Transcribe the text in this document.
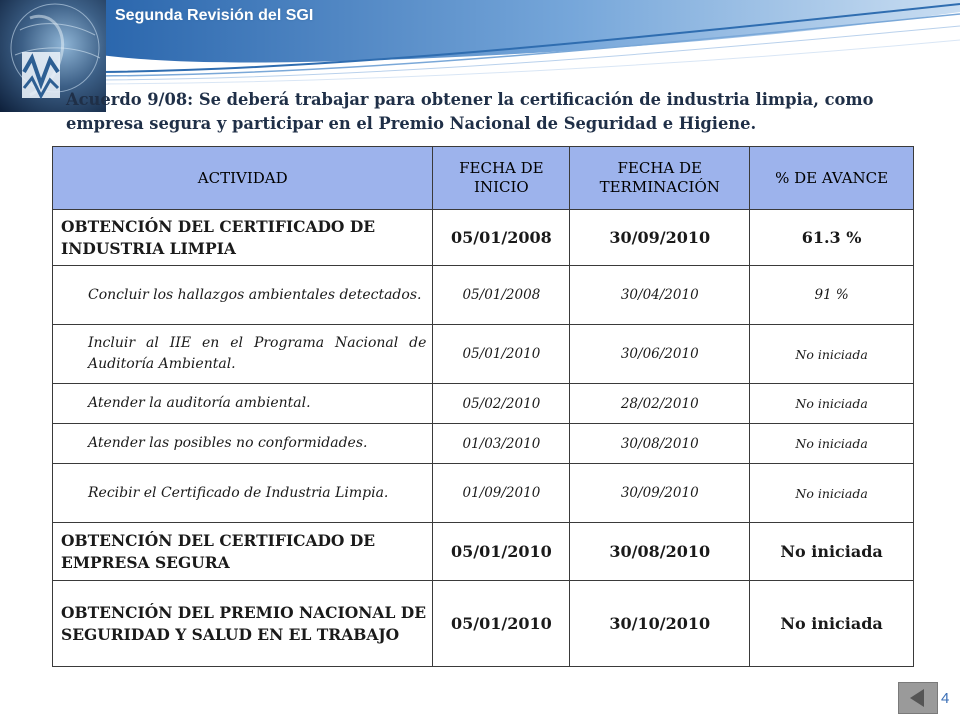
Segunda Revisión del SGI
Acuerdo 9/08: Se deberá trabajar para obtener la certificación de industria limpia, como empresa segura y participar en el Premio Nacional de Seguridad e Higiene.
ACTIVIDAD	FECHA DE INICIO	FECHA DE TERMINACIÓN	% DE AVANCE
OBTENCIÓN DEL CERTIFICADO DE INDUSTRIA LIMPIA	05/01/2008	30/09/2010	61.3 %
Concluir los hallazgos ambientales detectados.	05/01/2008	30/04/2010	91 %
Incluir al IIE en el Programa Nacional de Auditoría Ambiental.	05/01/2010	30/06/2010	No iniciada
Atender la auditoría ambiental.	05/02/2010	28/02/2010	No iniciada
Atender las posibles no conformidades.	01/03/2010	30/08/2010	No iniciada
Recibir el Certificado de Industria Limpia.	01/09/2010	30/09/2010	No iniciada
OBTENCIÓN DEL CERTIFICADO DE EMPRESA SEGURA	05/01/2010	30/08/2010	No iniciada
OBTENCIÓN DEL PREMIO NACIONAL DE SEGURIDAD Y SALUD EN EL TRABAJO	05/01/2010	30/10/2010	No iniciada
4
